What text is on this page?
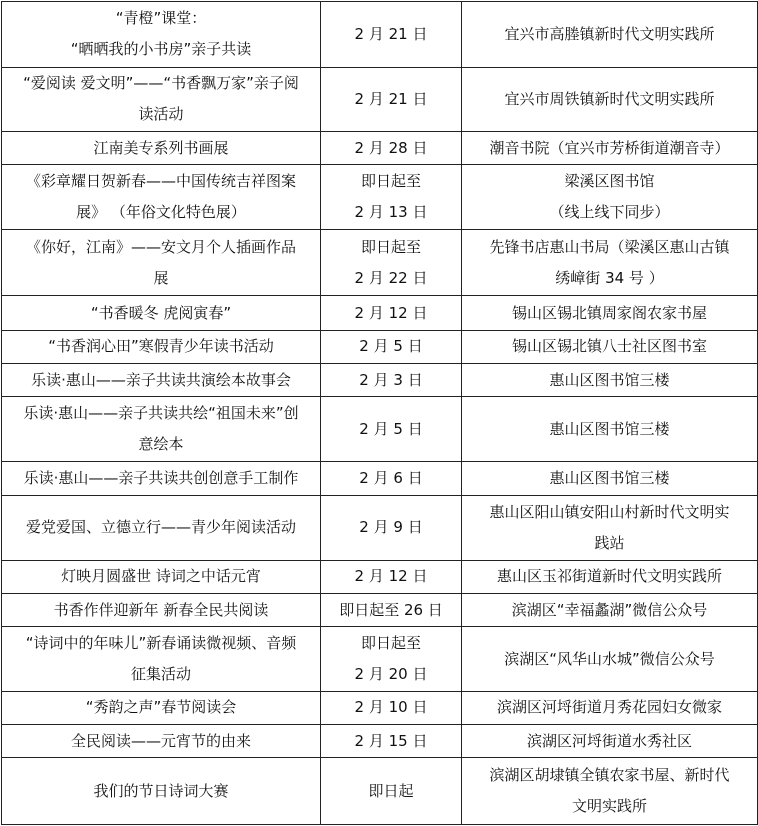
“青橙”课堂：
“晒晒我的小书房”亲子共读	2 月 21 日	宜兴市高塍镇新时代文明实践所

“爱阅读 爱文明”——“书香飘万家”亲子阅
读活动	2 月 21 日	宜兴市周铁镇新时代文明实践所

江南美专系列书画展	2 月 28 日	潮音书院（宜兴市芳桥街道潮音寺）

《彩章耀日贺新春——中国传统吉祥图案
展》 （年俗文化特色展）	即日起至
2 月 13 日	梁溪区图书馆
（线上线下同步）

《你好，江南》——安文月个人插画作品
展	即日起至
2 月 22 日	先锋书店惠山书局（梁溪区惠山古镇
绣嶂街 34 号 ）

“书香暖冬 虎阅寅春”	2 月 12 日	锡山区锡北镇周家阁农家书屋

“书香润心田”寒假青少年读书活动	2 月 5 日	锡山区锡北镇八士社区图书室

乐读·惠山——亲子共读共演绘本故事会	2 月 3 日	惠山区图书馆三楼

乐读·惠山——亲子共读共绘“祖国未来”创
意绘本	2 月 5 日	惠山区图书馆三楼

乐读·惠山——亲子共读共创创意手工制作	2 月 6 日	惠山区图书馆三楼

爱党爱国、立德立行——青少年阅读活动	2 月 9 日	惠山区阳山镇安阳山村新时代文明实
践站

灯映月圆盛世 诗词之中话元宵	2 月 12 日	惠山区玉祁街道新时代文明实践所

书香作伴迎新年 新春全民共阅读	即日起至 26 日	滨湖区“幸福蠡湖”微信公众号

“诗词中的年味儿”新春诵读微视频、音频
征集活动	即日起至
2 月 20 日	滨湖区“风华山水城”微信公众号

“秀韵之声”春节阅读会	2 月 10 日	滨湖区河埒街道月秀花园妇女微家

全民阅读——元宵节的由来	2 月 15 日	滨湖区河埒街道水秀社区

我们的节日诗词大赛	即日起	滨湖区胡埭镇全镇农家书屋、新时代
文明实践所
